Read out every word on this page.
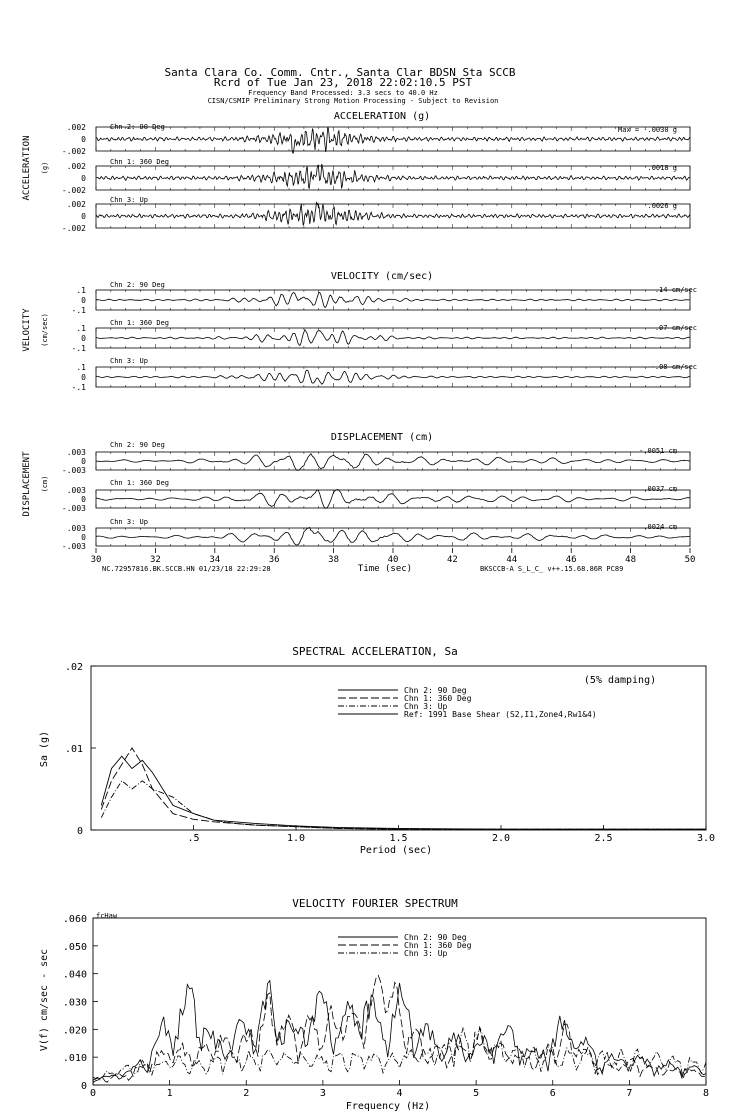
Santa Clara Co. Comm. Cntr., Santa Clar BDSN Sta SCCB
Rcrd of Tue Jan 23, 2018 22:02:10.5 PST
Frequency Band Processed: 3.3 secs to 40.0 Hz
CISN/CSMIP Preliminary Strong Motion Processing - Subject to Revision
ACCELERATION (g)
VELOCITY (cm/sec)
DISPLACEMENT (cm)
ACCELERATION (g)
VELOCITY (cm/sec)
DISPLACEMENT (cm)
Chn 2: 90 Deg	Max = -.0030 g
Chn 1: 360 Deg
.0018 g
Chn 3: Up
.0026 g
Chn 2: 90 Deg
.14 cm/sec
Chn 1: 360 Deg
.07 cm/sec
Chn 3: Up
-.08 cm/sec
Chn 2: 90 Deg
-.0051 cm
Chn 1: 360 Deg
.0037 cm
Chn 3: Up
.0024 cm
Time (sec)
NC.72957816.BK.SCCB.HN 01/23/18 22:29:28	BKSCCB-A S_L_C_ v++.15.68.86R PC89
SPECTRAL ACCELERATION, Sa
(5% damping)
Sa (g)
Period (sec)
Chn 2: 90 Deg
Chn 1: 360 Deg
Chn 3: Up
Ref: 1991 Base Shear (S2,I1,Zone4,Rw1&4)
VELOCITY FOURIER SPECTRUM
fcHaw
V(f) cm/sec - sec
Frequency (Hz)
Chn 2: 90 Deg
Chn 1: 360 Deg
Chn 3: Up
.002
0
-.002
.002
0
-.002
.002
0
-.002
.1
0
-.1
.1
0
-.1
.1
0
-.1
.003
0
-.003
.003
0
-.003
.003
0
-.003
30	32	34	36	38	40	42	44	46	48	50
.5	1.0	1.5	2.0	2.5	3.0
0
.01
.02
0	1	2	3	4	5	6	7	8
0
.010
.020
.030
.040
.050
.060
